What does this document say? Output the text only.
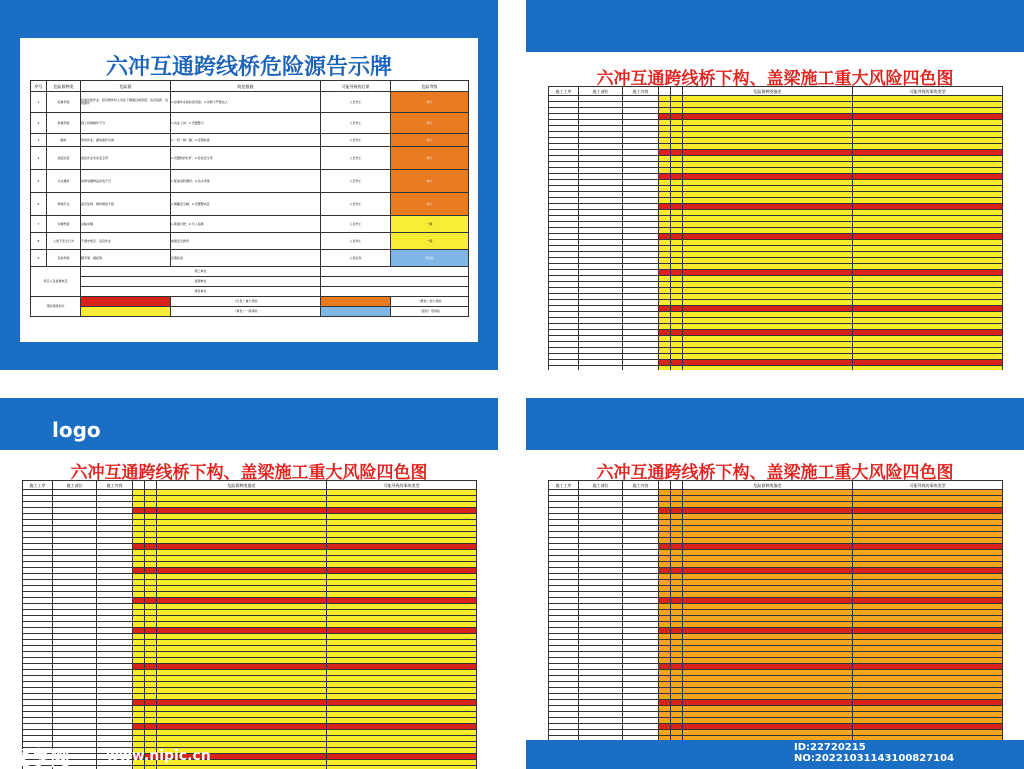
六冲互通跨线桥危险源告示牌
序号	危险源种类	危险源	防范措施	可能导致的后果	危险等级
1	起重伤害	起重吊装作业：起吊物件时人员在下侧通过或停留；违章指挥、违规操作	1.起重作业前检查设备；2.吊物下严禁站人	人员伤亡	较大
2	机械伤害	施工机械操作不当	1.持证上岗；2.设置警示	人员伤亡	较大
3	触电	用电作业；漏电保护失效	1.一机一闸一漏；2.定期检查	人员伤亡	较大
4	高处坠落	高处作业未系安全带	1.设置防护栏杆；2.系挂安全带	人员伤亡	较大
5	火灾爆炸	易燃易爆物品存放不当	1.配备消防器材；2.动火审批	人员伤亡	较大
6	物体打击	高空坠物、物料堆放不稳	1.佩戴安全帽；2.设置警戒区	人员伤亡	较大
7	车辆伤害	运输车辆	1.限速行驶；2.专人指挥	人员伤亡	一般
8	人的不安全行为	不遵守规章、违章作业	加强安全教育	人员伤亡	一般
9	其他伤害	脚手架、模板等	定期检查	人员轻伤	低风险
责任人及监督电话		施工单位			
		监理单位			
		建设单位			
风险等级划分			（红色）重大风险		（橙色）较大风险
			（黄色）一般风险		（蓝色）低风险
六冲互通跨线桥下构、盖梁施工重大风险四色图
施工工序	施工部位	施工内容			危险源种类描述	可能导致的事故类型

logo
六冲互通跨线桥下构、盖梁施工重大风险四色图
施工工序	施工部位	施工内容			危险源种类描述	可能导致的事故类型

昵享网	www.nipic.cn
六冲互通跨线桥下构、盖梁施工重大风险四色图
施工工序	施工部位	施工内容			危险源种类描述	可能导致的事故类型

ID:22720215 NO:20221031143100827104
